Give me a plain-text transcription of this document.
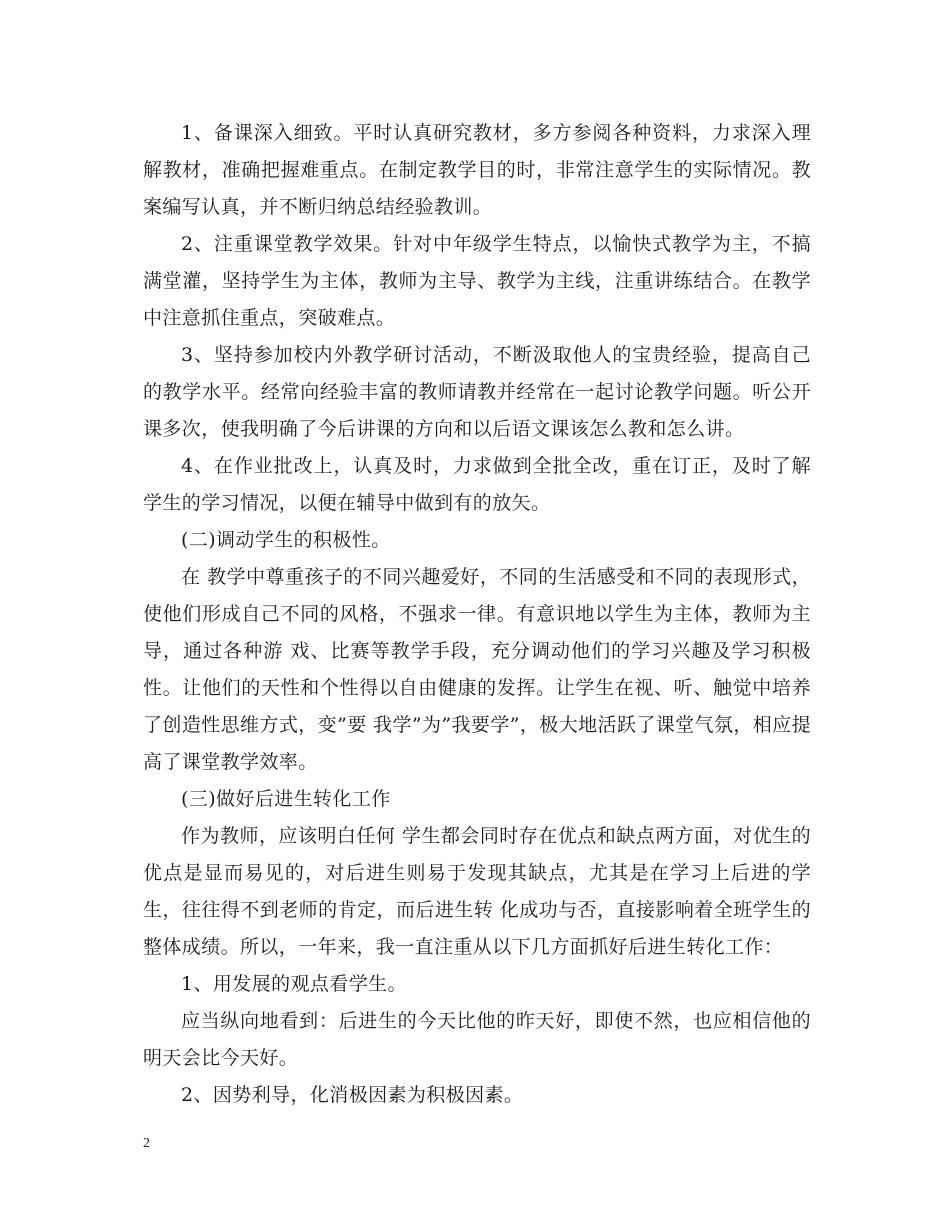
1、备课深入细致。平时认真研究教材，多方参阅各种资料，力求深入理解教材，准确把握难重点。在制定教学目的时，非常注意学生的实际情况。教案编写认真，并不断归纳总结经验教训。

2、注重课堂教学效果。针对中年级学生特点，以愉快式教学为主，不搞满堂灌，坚持学生为主体，教师为主导、教学为主线，注重讲练结合。在教学中注意抓住重点，突破难点。

3、坚持参加校内外教学研讨活动，不断汲取他人的宝贵经验，提高自己的教学水平。经常向经验丰富的教师请教并经常在一起讨论教学问题。听公开课多次，使我明确了今后讲课的方向和以后语文课该怎么教和怎么讲。

4、在作业批改上，认真及时，力求做到全批全改，重在订正，及时了解学生的学习情况，以便在辅导中做到有的放矢。

(二)调动学生的积极性。

在 教学中尊重孩子的不同兴趣爱好，不同的生活感受和不同的表现形式，使他们形成自己不同的风格，不强求一律。有意识地以学生为主体，教师为主导，通过各种游 戏、比赛等教学手段，充分调动他们的学习兴趣及学习积极性。让他们的天性和个性得以自由健康的发挥。让学生在视、听、触觉中培养了创造性思维方式，变”要 我学”为”我要学”，极大地活跃了课堂气氛，相应提高了课堂教学效率。

(三)做好后进生转化工作

作为教师，应该明白任何 学生都会同时存在优点和缺点两方面，对优生的优点是显而易见的，对后进生则易于发现其缺点，尤其是在学习上后进的学生，往往得不到老师的肯定，而后进生转 化成功与否，直接影响着全班学生的整体成绩。所以，一年来，我一直注重从以下几方面抓好后进生转化工作：

1、用发展的观点看学生。

应当纵向地看到：后进生的今天比他的昨天好，即使不然，也应相信他的明天会比今天好。

2、因势利导，化消极因素为积极因素。

2
